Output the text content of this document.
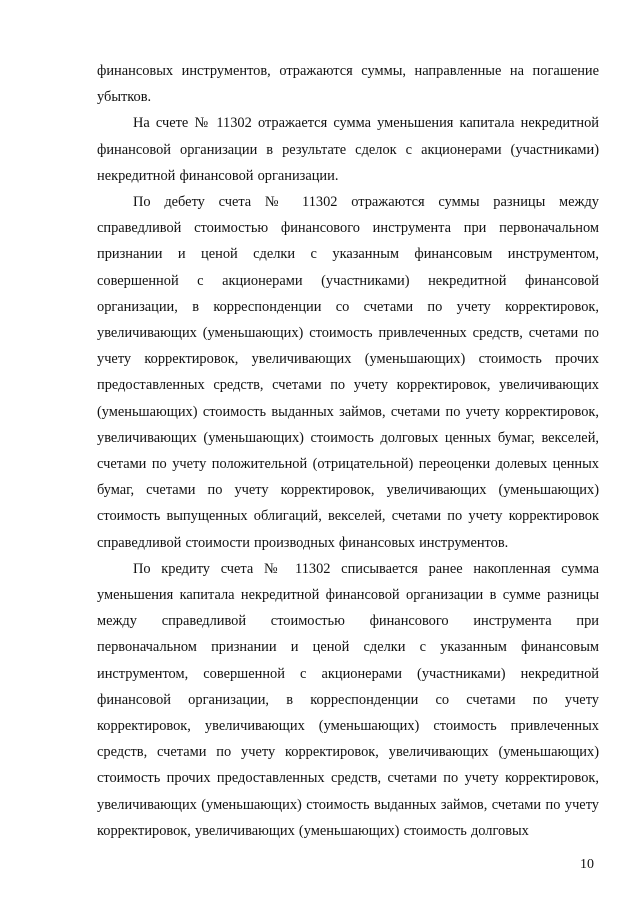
финансовых инструментов, отражаются суммы, направленные на погашение убытков.

На счете № 11302 отражается сумма уменьшения капитала некредитной финансовой организации в результате сделок с акционерами (участниками) некредитной финансовой организации.

По дебету счета № 11302 отражаются суммы разницы между справедливой стоимостью финансового инструмента при первоначальном признании и ценой сделки с указанным финансовым инструментом, совершенной с акционерами (участниками) некредитной финансовой организации, в корреспонденции со счетами по учету корректировок, увеличивающих (уменьшающих) стоимость привлеченных средств, счетами по учету корректировок, увеличивающих (уменьшающих) стоимость прочих предоставленных средств, счетами по учету корректировок, увеличивающих (уменьшающих) стоимость выданных займов, счетами по учету корректировок, увеличивающих (уменьшающих) стоимость долговых ценных бумаг, векселей, счетами по учету положительной (отрицательной) переоценки долевых ценных бумаг, счетами по учету корректировок, увеличивающих (уменьшающих) стоимость выпущенных облигаций, векселей, счетами по учету корректировок справедливой стоимости производных финансовых инструментов.

По кредиту счета № 11302 списывается ранее накопленная сумма уменьшения капитала некредитной финансовой организации в сумме разницы между справедливой стоимостью финансового инструмента при первоначальном признании и ценой сделки с указанным финансовым инструментом, совершенной с акционерами (участниками) некредитной финансовой организации, в корреспонденции со счетами по учету корректировок, увеличивающих (уменьшающих) стоимость привлеченных средств, счетами по учету корректировок, увеличивающих (уменьшающих) стоимость прочих предоставленных средств, счетами по учету корректировок, увеличивающих (уменьшающих) стоимость выданных займов, счетами по учету корректировок, увеличивающих (уменьшающих) стоимость долговых

10
